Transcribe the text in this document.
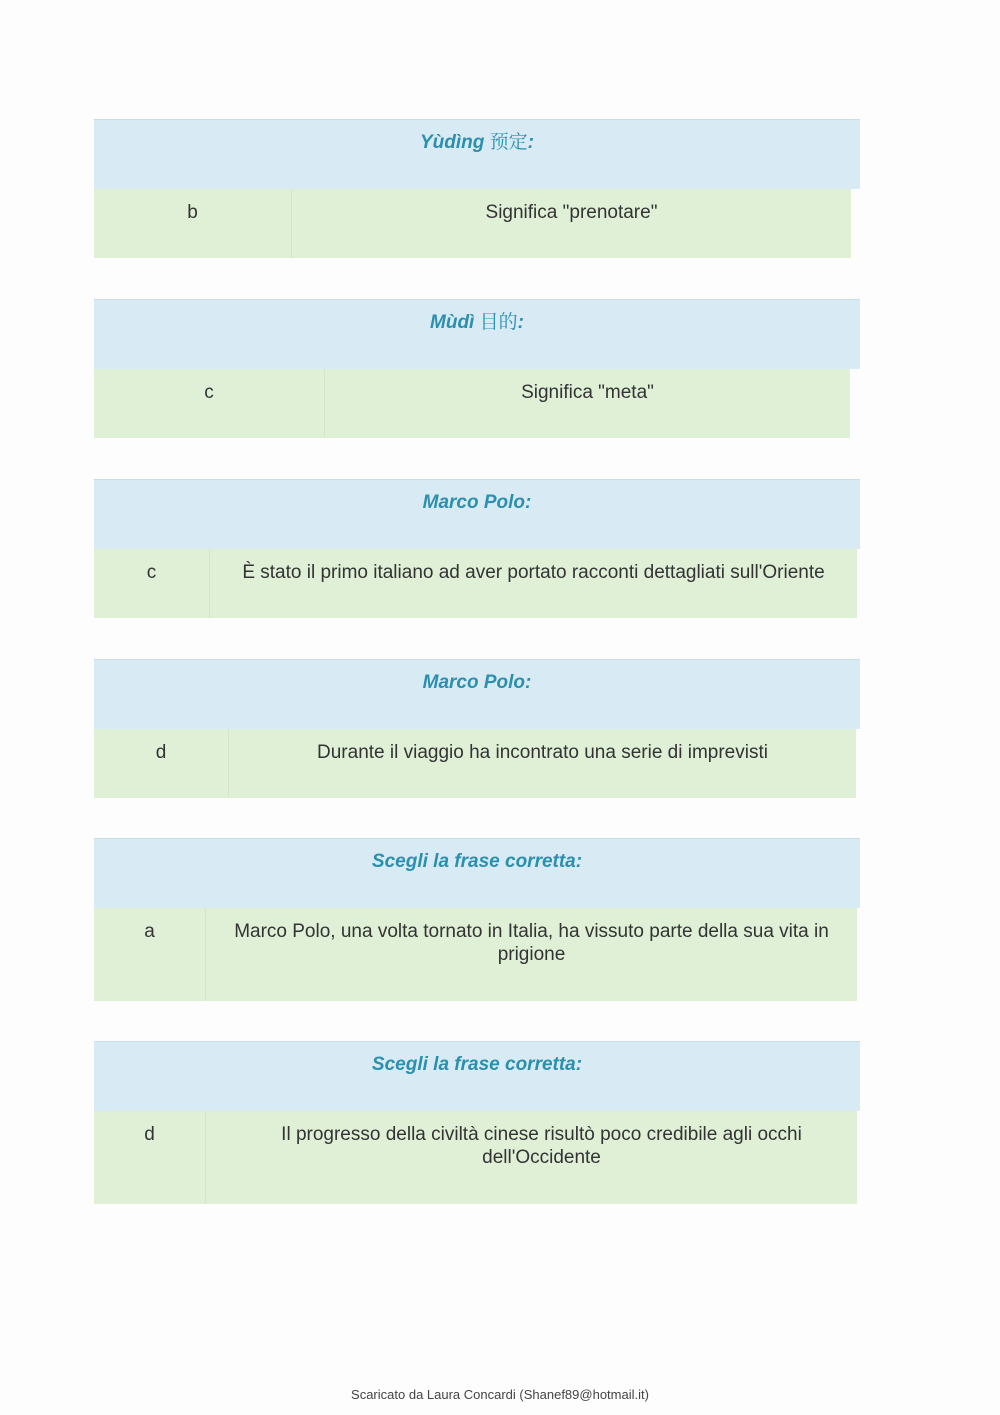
Yùdìng 预定:
b	Significa "prenotare"
Mùdì 目的:
c	Significa "meta"
Marco Polo:
c	È stato il primo italiano ad aver portato racconti dettagliati sull'Oriente
Marco Polo:
d	Durante il viaggio ha incontrato una serie di imprevisti
Scegli la frase corretta:
a	Marco Polo, una volta tornato in Italia, ha vissuto parte della sua vita in prigione
Scegli la frase corretta:
d	Il progresso della civiltà cinese risultò poco credibile agli occhi dell'Occidente
Scaricato da Laura Concardi (Shanef89@hotmail.it)
